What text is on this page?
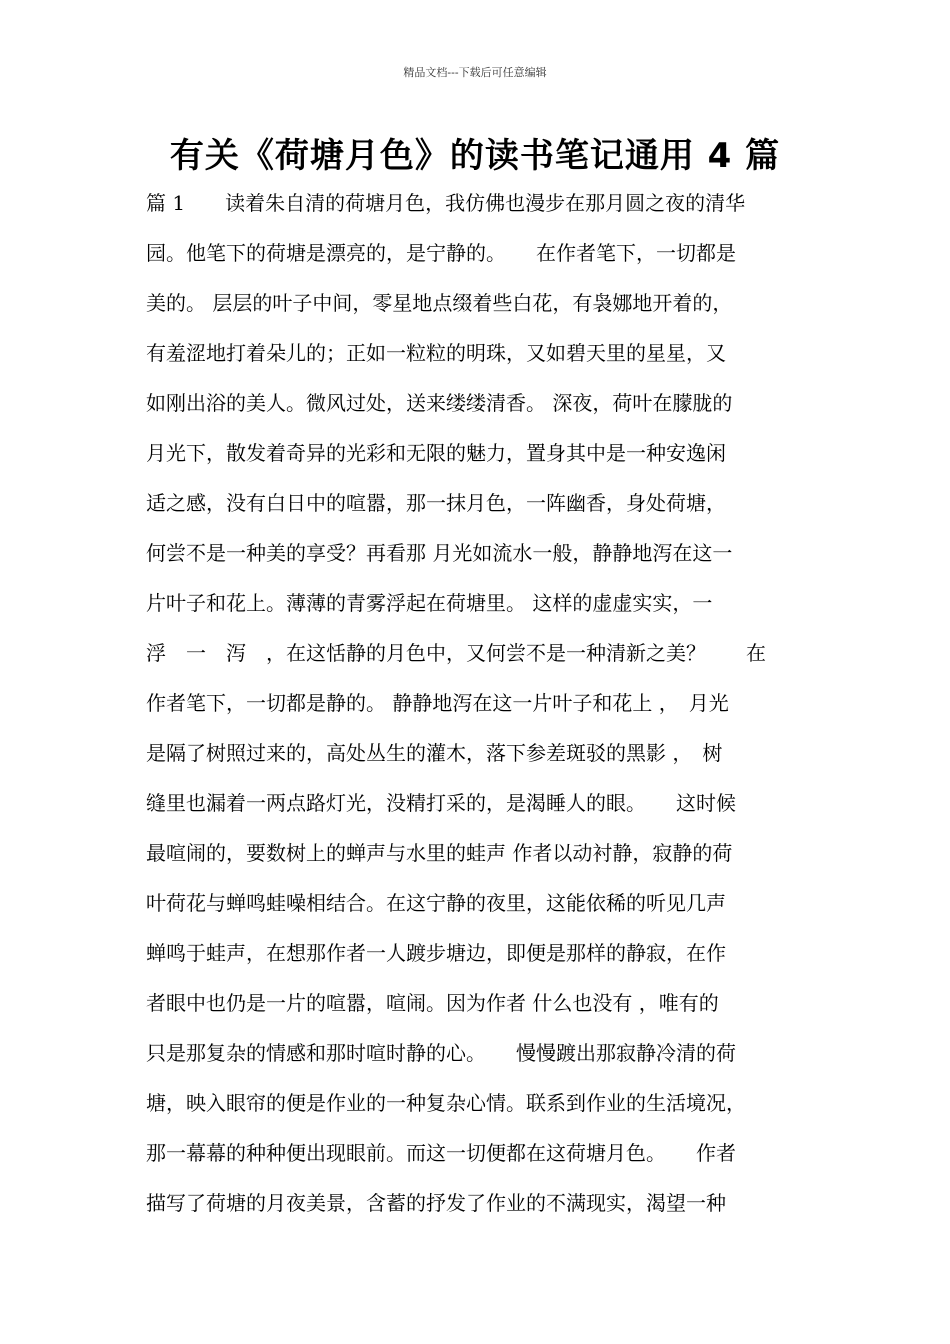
精品文档---下载后可任意编辑
有关《荷塘月色》的读书笔记通用 4 篇
篇 1　　读着朱自清的荷塘月色，我仿佛也漫步在那月圆之夜的清华
园。他笔下的荷塘是漂亮的，是宁静的。　　在作者笔下，一切都是
美的。 层层的叶子中间，零星地点缀着些白花，有袅娜地开着的，
有羞涩地打着朵儿的；正如一粒粒的明珠，又如碧天里的星星，又
如刚出浴的美人。微风过处，送来缕缕清香。 深夜，荷叶在朦胧的
月光下，散发着奇异的光彩和无限的魅力，置身其中是一种安逸闲
适之感，没有白日中的喧嚣，那一抹月色，一阵幽香，身处荷塘，
何尝不是一种美的享受？再看那 月光如流水一般，静静地泻在这一
片叶子和花上。薄薄的青雾浮起在荷塘里。 这样的虚虚实实，一
浮　一　泻　，在这恬静的月色中，又何尝不是一种清新之美？　　在
作者笔下，一切都是静的。 静静地泻在这一片叶子和花上 ，　月光
是隔了树照过来的，高处丛生的灌木，落下参差斑驳的黑影 ，　树
缝里也漏着一两点路灯光，没精打采的，是渴睡人的眼。　　这时候
最喧闹的，要数树上的蝉声与水里的蛙声 作者以动衬静，寂静的荷
叶荷花与蝉鸣蛙噪相结合。在这宁静的夜里，这能依稀的听见几声
蝉鸣于蛙声，在想那作者一人踱步塘边，即便是那样的静寂，在作
者眼中也仍是一片的喧嚣，喧闹。因为作者 什么也没有 ，唯有的
只是那复杂的情感和那时喧时静的心。　　慢慢踱出那寂静冷清的荷
塘，映入眼帘的便是作业的一种复杂心情。联系到作业的生活境况，
那一幕幕的种种便出现眼前。而这一切便都在这荷塘月色。　　作者
描写了荷塘的月夜美景，含蓄的抒发了作业的不满现实，渴望一种
